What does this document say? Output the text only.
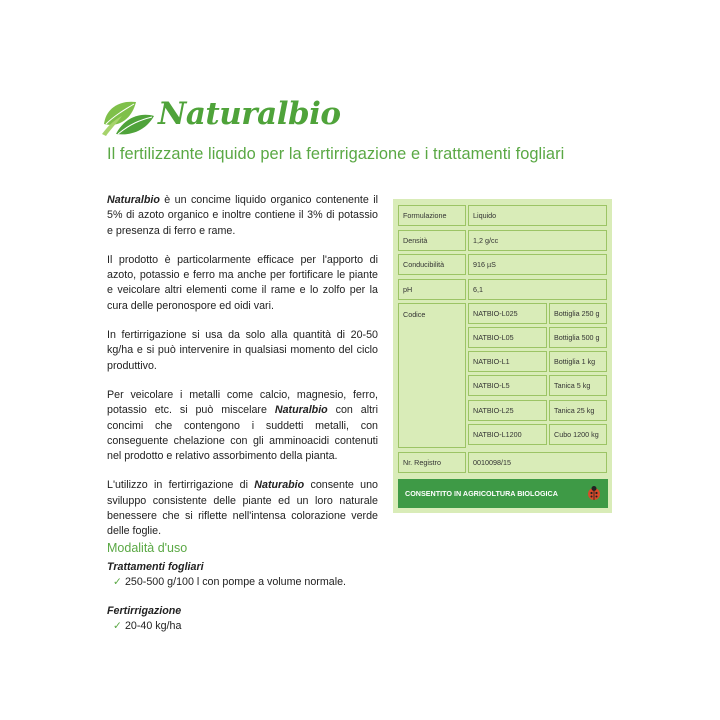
Naturalbio
Il fertilizzante liquido per la fertirrigazione e i trattamenti fogliari

Naturalbio è un concime liquido organico contenente il 5% di azoto organico e inoltre contiene il 3% di potassio e presenza di ferro e rame.

Il prodotto è particolarmente efficace per l'apporto di azoto, potassio e ferro ma anche per fortificare le piante e veicolare altri elementi come il rame e lo zolfo per la cura delle peronospore ed oidi vari.

In fertirrigazione si usa da solo alla quantità di 20-50 kg/ha e si può intervenire in qualsiasi momento del ciclo produttivo.

Per veicolare i metalli come calcio, magnesio, ferro, potassio etc. si può miscelare Naturalbio con altri concimi che contengono i suddetti metalli, con conseguente chelazione con gli amminoacidi contenuti nel prodotto e relativo assorbimento della pianta.

L'utilizzo in fertirrigazione di Naturabio consente uno sviluppo consistente delle piante ed un loro naturale benessere che si riflette nell'intensa colorazione verde delle foglie.

Modalità d'uso
Trattamenti fogliari
✓ 250-500 g/100 l con pompe a volume normale.
Fertirrigazione
✓ 20-40 kg/ha
Formulazione	Liquido
Densità	1,2 g/cc
Conducibilità	916 µS
pH	6,1
Codice	NATBIO-L025	Bottiglia 250 g
NATBIO-L05	Bottiglia 500 g
NATBIO-L1	Bottiglia 1 kg
NATBIO-L5	Tanica 5 kg
NATBIO-L25	Tanica 25 kg
NATBIO-L1200	Cubo 1200 kg
Nr. Registro	0010098/15
CONSENTITO IN AGRICOLTURA BIOLOGICA
